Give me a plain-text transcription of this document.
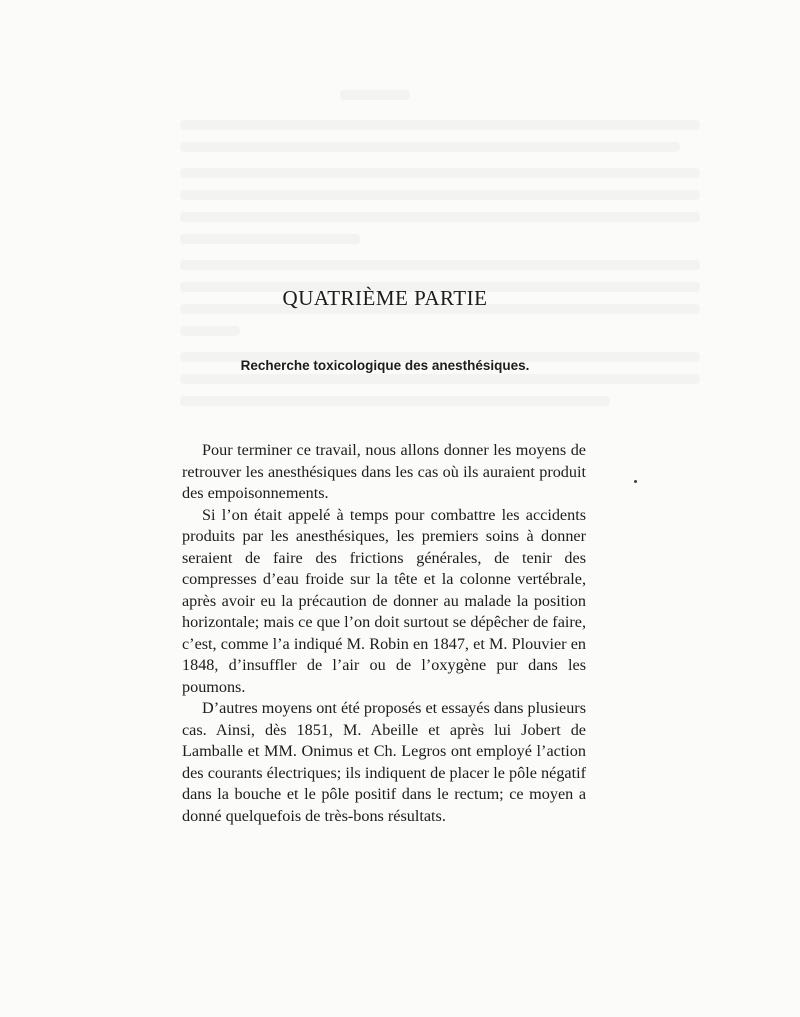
QUATRIÈME PARTIE
Recherche toxicologique des anesthésiques.

Pour terminer ce travail, nous allons donner les moyens de retrouver les anesthésiques dans les cas où ils auraient produit des empoisonnements.

Si l’on était appelé à temps pour combattre les accidents produits par les anesthésiques, les premiers soins à donner seraient de faire des frictions générales, de tenir des compresses d’eau froide sur la tête et la colonne vertébrale, après avoir eu la précaution de donner au malade la position horizontale; mais ce que l’on doit surtout se dépêcher de faire, c’est, comme l’a indiqué M. Robin en 1847, et M. Plouvier en 1848, d’insuffler de l’air ou de l’oxygène pur dans les poumons.

D’autres moyens ont été proposés et essayés dans plusieurs cas. Ainsi, dès 1851, M. Abeille et après lui Jobert de Lamballe et MM. Onimus et Ch. Legros ont employé l’action des courants électriques; ils indiquent de placer le pôle négatif dans la bouche et le pôle positif dans le rectum; ce moyen a donné quelquefois de très-bons résultats.
